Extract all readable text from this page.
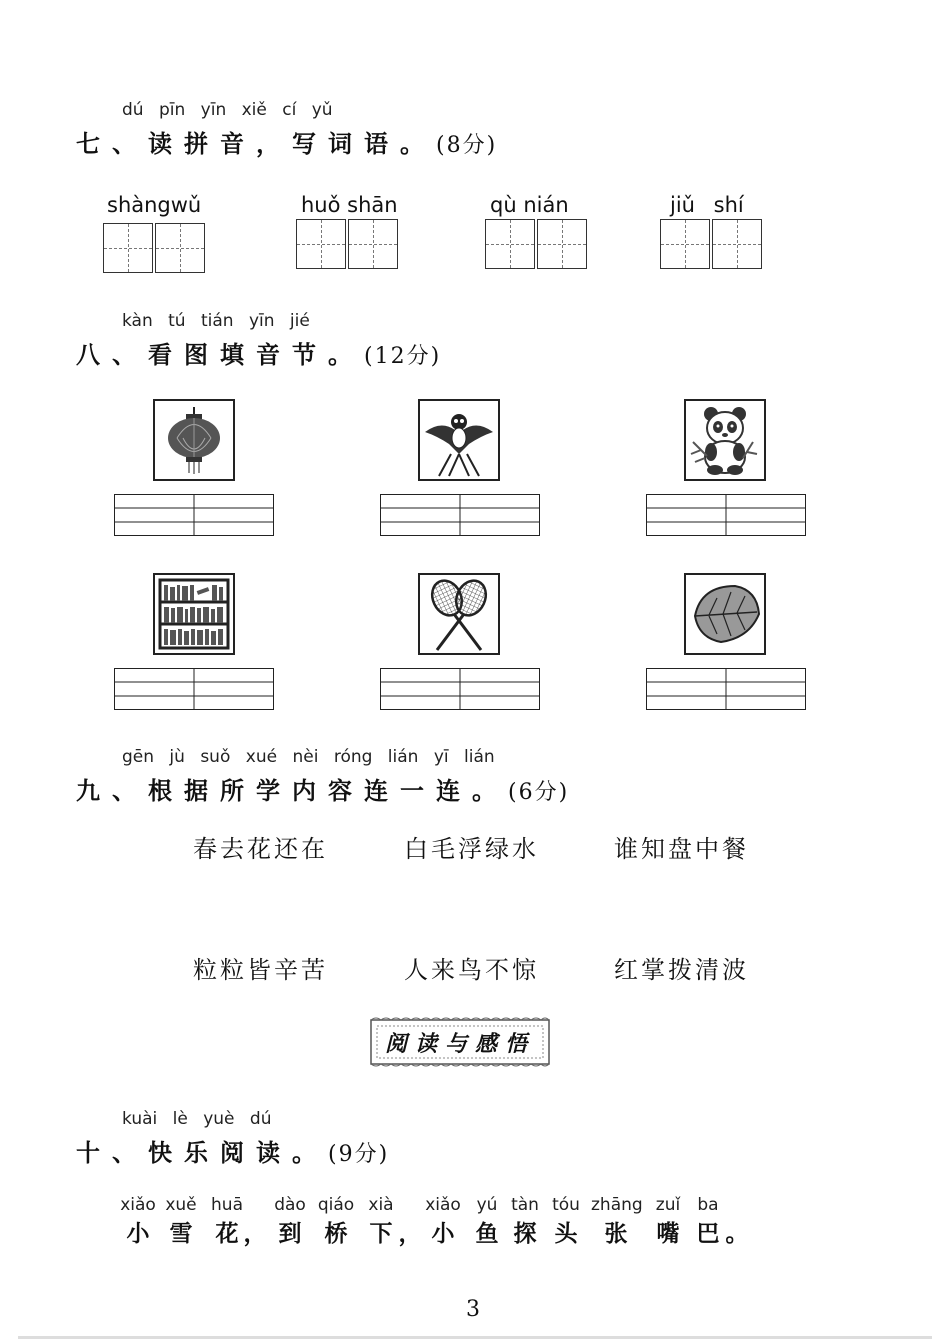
dú pīn yīn xiě cí yǔ
七、读拼音，写词语。(8分)
shàngwǔ	huǒ shān	qù nián	jiǔ shí
kàn tú tián yīn jié
八、看图填音节。(12分)
gēn jù suǒ xué nèi róng lián yī lián
九、根据所学内容连一连。(6分)
春去花还在	白毛浮绿水	谁知盘中餐
粒粒皆辛苦	人来鸟不惊	红掌拨清波
阅读与感悟
kuài lè yuè dú
十、快乐阅读。(9分)
xiǎo
小
xuě
雪
huā
花
，
dào
到
qiáo
桥
xià
下
，
xiǎo
小
yú
鱼
tàn
探
tóu
头
zhāng
张
zuǐ
嘴
ba
巴
。
3
